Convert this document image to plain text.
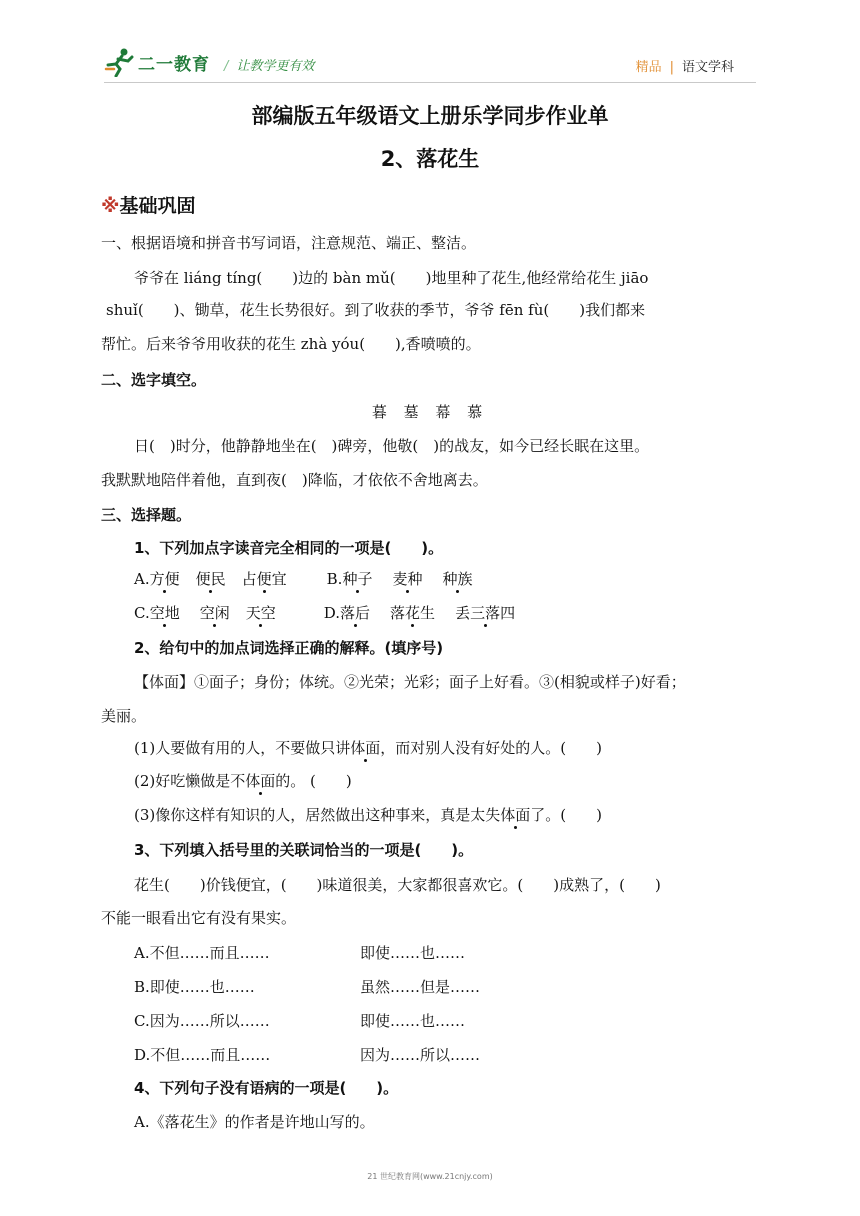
二一教育 / 让教学更有效	精品 | 语文学科
部编版五年级语文上册乐学同步作业单
2、落花生
※基础巩固
一、根据语境和拼音书写词语，注意规范、端正、整洁。
爷爷在 liáng tíng(　　)边的 bàn mǔ(　　)地里种了花生,他经常给花生 jiāo
shuǐ(　　)、锄草，花生长势很好。到了收获的季节，爷爷 fēn fù(　　)我们都来
帮忙。后来爷爷用收获的花生 zhà yóu(　　),香喷喷的。
二、选字填空。
暮 墓 幕 慕
日(　)时分，他静静地坐在(　)碑旁，他敬(　)的战友，如今已经长眠在这里。
我默默地陪伴着他，直到夜(　)降临，才依依不舍地离去。
三、选择题。
1、下列加点字读音完全相同的一项是(　　)。
A.方便 便民 占便宜	B.种子 麦种 种族
C.空地 空闲 天空	D.落后 落花生 丢三落四
2、给句中的加点词选择正确的解释。(填序号)
【体面】①面子；身份；体统。②光荣；光彩；面子上好看。③(相貌或样子)好看；
美丽。
(1)人要做有用的人，不要做只讲体面，而对别人没有好处的人。(　　)
(2)好吃懒做是不体面的。 (　　)
(3)像你这样有知识的人，居然做出这种事来，真是太失体面了。(　　)
3、下列填入括号里的关联词恰当的一项是(　　)。
花生(　　)价钱便宜，(　　)味道很美，大家都很喜欢它。(　　)成熟了，(　　)
不能一眼看出它有没有果实。
A.不但……而且……	即使……也……
B.即使……也……	虽然……但是……
C.因为……所以……	即使……也……
D.不但……而且……	因为……所以……
4、下列句子没有语病的一项是(　　)。
A.《落花生》的作者是许地山写的。
21 世纪教育网(www.21cnjy.com)
